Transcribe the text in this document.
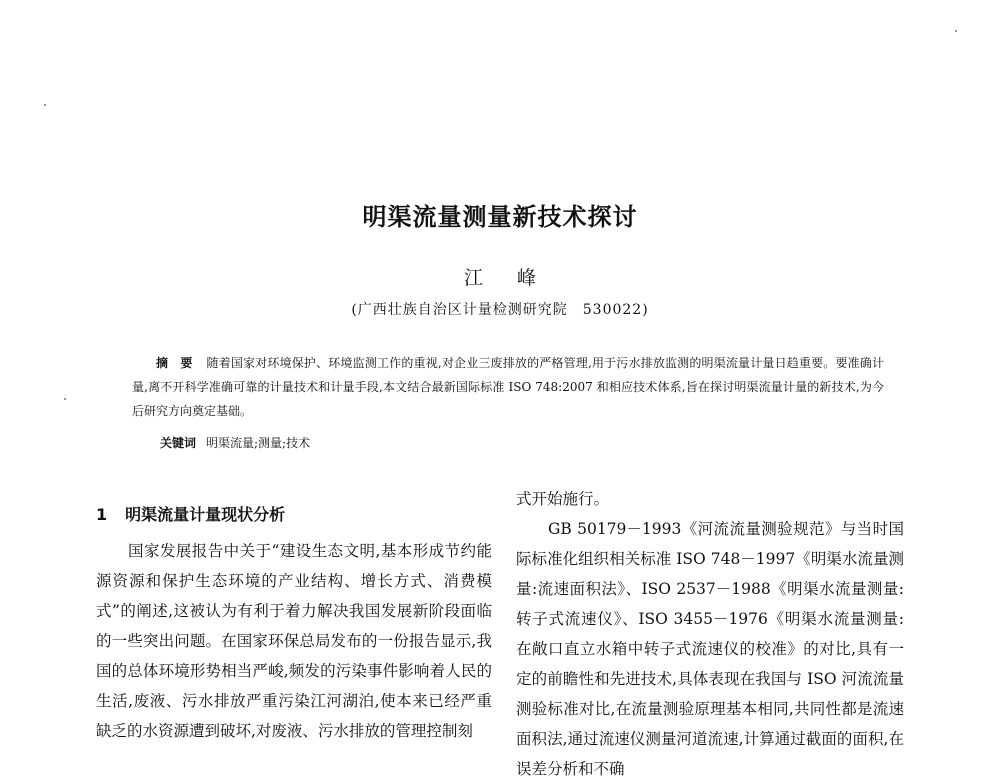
明渠流量测量新技术探讨
江 峰
(广西壮族自治区计量检测研究院　530022)
摘　要 随着国家对环境保护、环境监测工作的重视,对企业三废排放的严格管理,用于污水排放监测的明渠流量计量日趋重要。要准确计量,离不开科学准确可靠的计量技术和计量手段,本文结合最新国际标准 ISO 748:2007 和相应技术体系,旨在探讨明渠流量计量的新技术,为今后研究方向奠定基础。
关键词 明渠流量;测量;技术
1 明渠流量计量现状分析
国家发展报告中关于“建设生态文明,基本形成节约能源资源和保护生态环境的产业结构、增长方式、消费模式”的阐述,这被认为有利于着力解决我国发展新阶段面临的一些突出问题。在国家环保总局发布的一份报告显示,我国的总体环境形势相当严峻,频发的污染事件影响着人民的生活,废液、污水排放严重污染江河湖泊,使本来已经严重缺乏的水资源遭到破坏,对废液、污水排放的管理控制刻
式开始施行。
GB 50179－1993《河流流量测验规范》与当时国际标准化组织相关标准 ISO 748－1997《明渠水流量测量:流速面积法》、ISO 2537－1988《明渠水流量测量:转子式流速仪》、ISO 3455－1976《明渠水流量测量:在敞口直立水箱中转子式流速仪的校准》的对比,具有一定的前瞻性和先进技术,具体表现在我国与 ISO 河流流量测验标准对比,在流量测验原理基本相同,共同性都是流速面积法,通过流速仪测量河道流速,计算通过截面的面积,在误差分析和不确
